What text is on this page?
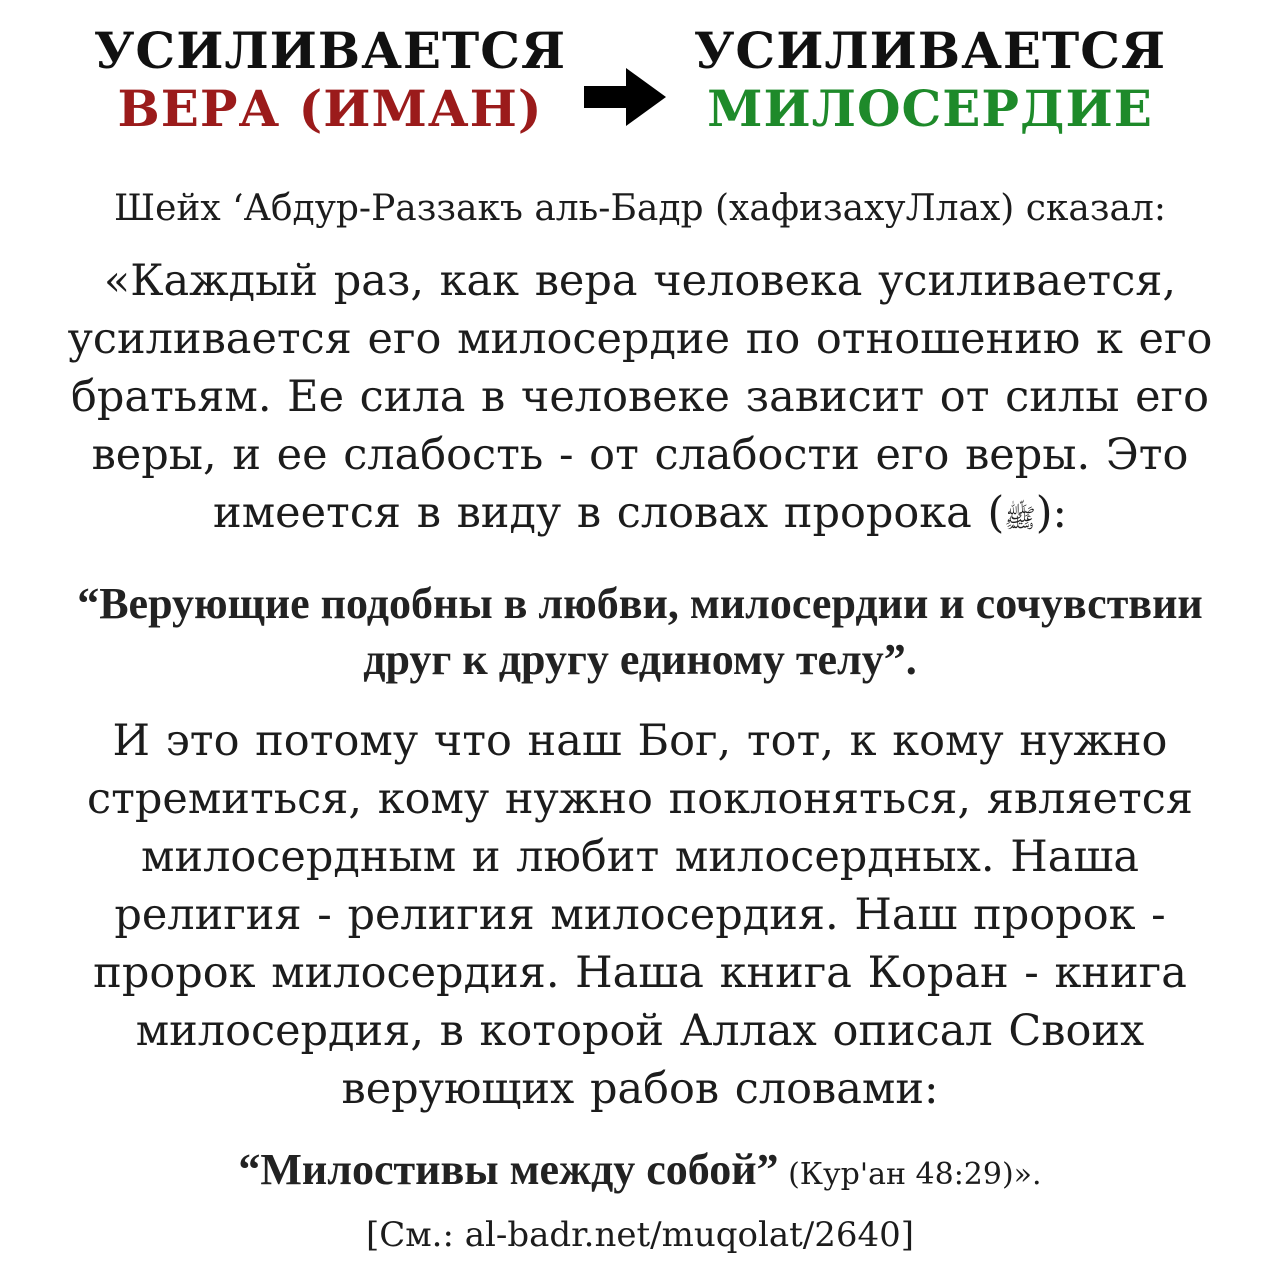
УСИЛИВАЕТСЯ
ВЕРА (ИМАН)
УСИЛИВАЕТСЯ
МИЛОСЕРДИЕ
Шейх ‘Абдур-Раззакъ аль-Бадр (хафизахуЛлах) сказал:
«Каждый раз, как вера человека усиливается, усиливается его милосердие по отношению к его братьям. Ее сила в человеке зависит от силы его веры, и ее слабость - от слабости его веры. Это имеется в виду в словах пророка (ﷺ):
“Верующие подобны в любви, милосердии и сочувствии друг к другу единому телу”.
И это потому что наш Бог, тот, к кому нужно стремиться, кому нужно поклоняться, является милосердным и любит милосердных. Наша религия - религия милосердия. Наш пророк - пророк милосердия. Наша книга Коран - книга милосердия, в которой Аллах описал Своих верующих рабов словами:
“Милостивы между собой” (Кур'ан 48:29)».
[См.: al-badr.net/muqolat/2640]
